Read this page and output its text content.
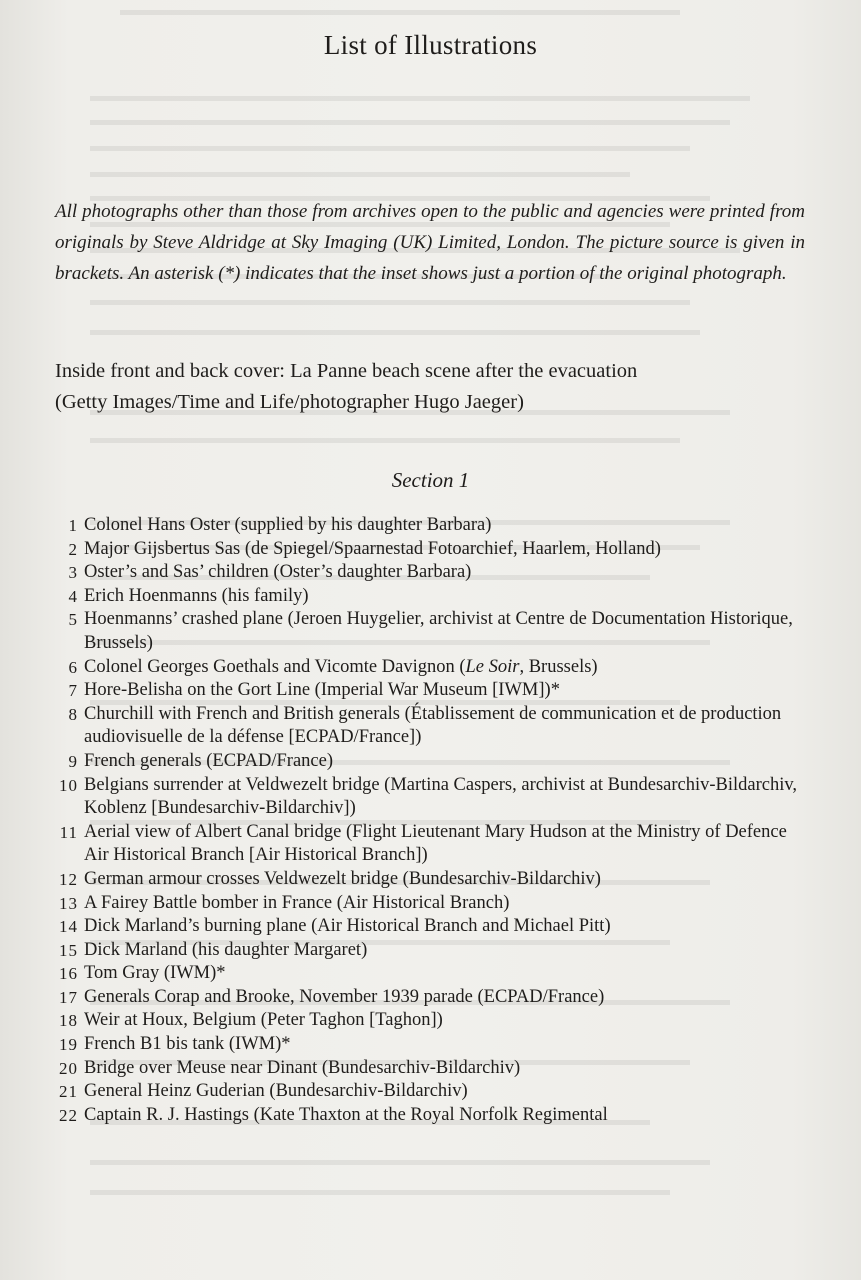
List of Illustrations
All photographs other than those from archives open to the public and agencies were printed from originals by Steve Aldridge at Sky Imaging (UK) Limited, London. The picture source is given in brackets. An asterisk (*) indicates that the inset shows just a portion of the original photograph.
Inside front and back cover: La Panne beach scene after the evacuation
(Getty Images/Time and Life/photographer Hugo Jaeger)
Section 1
1 Colonel Hans Oster (supplied by his daughter Barbara)
2 Major Gijsbertus Sas (de Spiegel/Spaarnestad Fotoarchief, Haarlem, Holland)
3 Oster’s and Sas’ children (Oster’s daughter Barbara)
4 Erich Hoenmanns (his family)
5 Hoenmanns’ crashed plane (Jeroen Huygelier, archivist at Centre de Documentation Historique, Brussels)
6 Colonel Georges Goethals and Vicomte Davignon (Le Soir, Brussels)
7 Hore-Belisha on the Gort Line (Imperial War Museum [IWM])*
8 Churchill with French and British generals (Établissement de communication et de production audiovisuelle de la défense [ECPAD/France])
9 French generals (ECPAD/France)
10 Belgians surrender at Veldwezelt bridge (Martina Caspers, archivist at Bundesarchiv-Bildarchiv, Koblenz [Bundesarchiv-Bildarchiv])
11 Aerial view of Albert Canal bridge (Flight Lieutenant Mary Hudson at the Ministry of Defence Air Historical Branch [Air Historical Branch])
12 German armour crosses Veldwezelt bridge (Bundesarchiv-Bildarchiv)
13 A Fairey Battle bomber in France (Air Historical Branch)
14 Dick Marland’s burning plane (Air Historical Branch and Michael Pitt)
15 Dick Marland (his daughter Margaret)
16 Tom Gray (IWM)*
17 Generals Corap and Brooke, November 1939 parade (ECPAD/France)
18 Weir at Houx, Belgium (Peter Taghon [Taghon])
19 French B1 bis tank (IWM)*
20 Bridge over Meuse near Dinant (Bundesarchiv-Bildarchiv)
21 General Heinz Guderian (Bundesarchiv-Bildarchiv)
22 Captain R. J. Hastings (Kate Thaxton at the Royal Norfolk Regimental
